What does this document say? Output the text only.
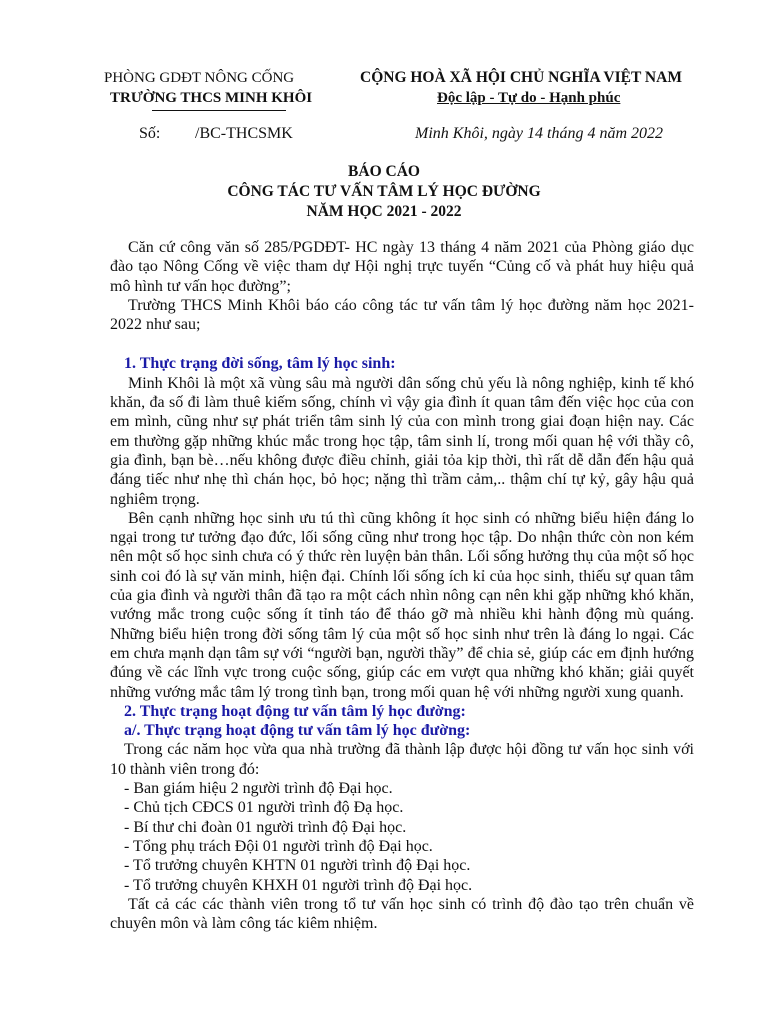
PHÒNG GDĐT NÔNG CỐNG
TRƯỜNG THCS MINH KHÔI
CỘNG HOÀ XÃ HỘI CHỦ NGHĨA VIỆT NAM
Độc lập - Tự do - Hạnh phúc
Số: /BC-THCSMK	Minh Khôi, ngày 14 tháng 4 năm 2022
BÁO CÁO
CÔNG TÁC TƯ VẤN TÂM LÝ HỌC ĐƯỜNG
NĂM HỌC 2021 - 2022

Căn cứ công văn số 285/PGDĐT- HC ngày 13 tháng 4 năm 2021 của Phòng giáo dục đào tạo Nông Cống về việc tham dự Hội nghị trực tuyến “Củng cố và phát huy hiệu quả mô hình tư vấn học đường”;

Trường THCS Minh Khôi báo cáo công tác tư vấn tâm lý học đường năm học 2021- 2022 như sau;

1. Thực trạng đời sống, tâm lý học sinh:

Minh Khôi là một xã vùng sâu mà người dân sống chủ yếu là nông nghiệp, kinh tế khó khăn, đa số đi làm thuê kiếm sống, chính vì vậy gia đình ít quan tâm đến việc học của con em mình, cũng như sự phát triển tâm sinh lý của con mình trong giai đoạn hiện nay. Các em thường gặp những khúc mắc trong học tập, tâm sinh lí, trong mối quan hệ với thầy cô, gia đình, bạn bè…nếu không được điều chỉnh, giải tỏa kịp thời, thì rất dễ dẫn đến hậu quả đáng tiếc như nhẹ thì chán học, bỏ học; nặng thì trầm cảm,.. thậm chí tự kỷ, gây hậu quả nghiêm trọng.

Bên cạnh những học sinh ưu tú thì cũng không ít học sinh có những biểu hiện đáng lo ngại trong tư tưởng đạo đức, lối sống cũng như trong học tập. Do nhận thức còn non kém nên một số học sinh chưa có ý thức rèn luyện bản thân. Lối sống hưởng thụ của một số học sinh coi đó là sự văn minh, hiện đại. Chính lối sống ích kỉ của học sinh, thiếu sự quan tâm của gia đình và người thân đã tạo ra một cách nhìn nông cạn nên khi gặp những khó khăn, vướng mắc trong cuộc sống ít tỉnh táo để tháo gỡ mà nhiều khi hành động mù quáng. Những biểu hiện trong đời sống tâm lý của một số học sinh như trên là đáng lo ngại. Các em chưa mạnh dạn tâm sự với “người bạn, người thầy” để chia sẻ, giúp các em định hướng đúng về các lĩnh vực trong cuộc sống, giúp các em vượt qua những khó khăn; giải quyết những vướng mắc tâm lý trong tình bạn, trong mối quan hệ với những người xung quanh.

2. Thực trạng hoạt động tư vấn tâm lý học đường:
a/. Thực trạng hoạt động tư vấn tâm lý học đường:

Trong các năm học vừa qua nhà trường đã thành lập được hội đồng tư vấn học sinh với 10 thành viên trong đó:

- Ban giám hiệu 2 người trình độ Đại học.
- Chủ tịch CĐCS 01 người trình độ Đạ học.
- Bí thư chi đoàn 01 người trình độ Đại học.
- Tổng phụ trách Đội 01 người trình độ Đại học.
- Tổ trưởng chuyên KHTN 01 người trình độ Đại học.
- Tổ trưởng chuyên KHXH 01 người trình độ Đại học.

Tất cả các các thành viên trong tổ tư vấn học sinh có trình độ đào tạo trên chuẩn về chuyên môn và làm công tác kiêm nhiệm.
